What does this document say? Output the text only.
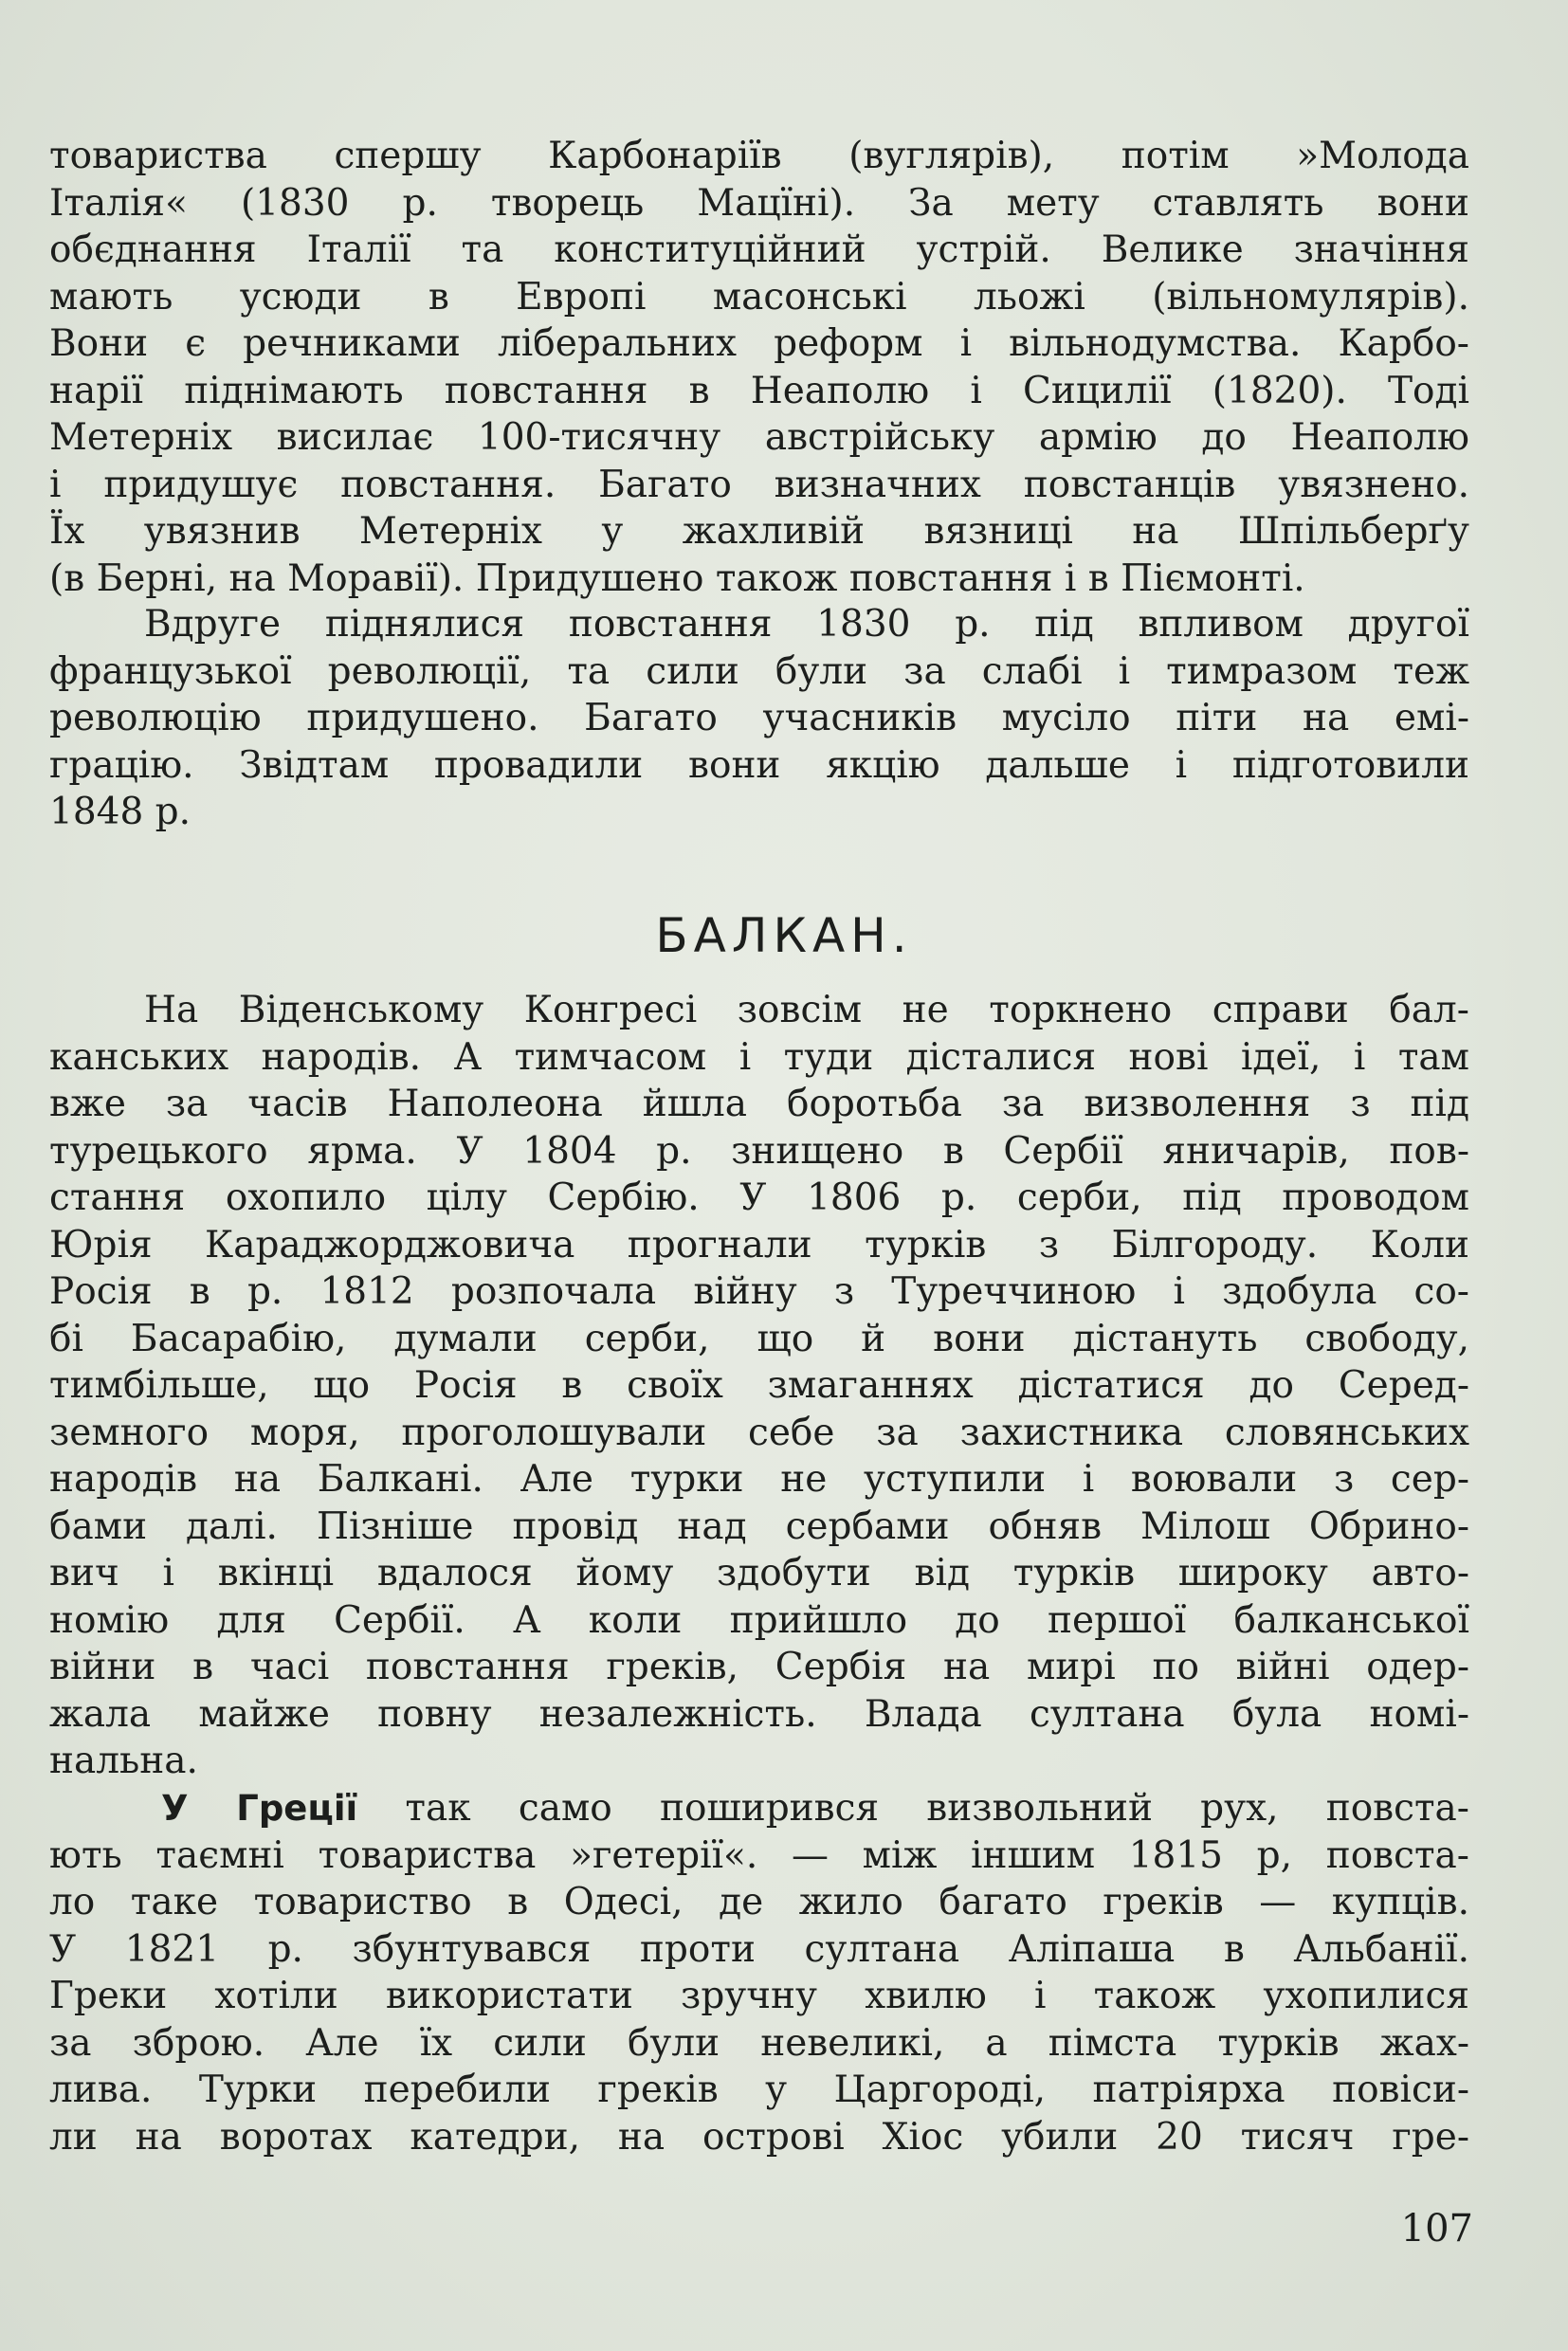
товариства спершу Карбонаріїв (вуглярів), потім »Молода
Італія« (1830 р. творець Мацїні). За мету ставлять вони
обєднання Італії та конституційний устрій. Велике значіння
мають усюди в Европі масонські льожі (вільномулярів).
Вони є речниками ліберальних реформ і вільнодумства. Карбо-
нарії піднімають повстання в Неаполю і Сицилії (1820). Тоді
Метерніх висилає 100-тисячну австрійську армію до Неаполю
і придушує повстання. Багато визначних повстанців увязнено.
Їх увязнив Метерніх у жахливій вязниці на Шпільберґу
(в Берні, на Моравії). Придушено також повстання і в Піємонті.
Вдруге піднялися повстання 1830 р. під впливом другої
французької революції, та сили були за слабі і тимразом теж
революцію придушено. Багато учасників мусіло піти на емі-
грацію. Звідтам провадили вони якцію дальше і підготовили
1848 р.
БАЛКАН.
На Віденському Конгресі зовсім не торкнено справи бал-
канських народів. А тимчасом і туди дісталися нові ідеї, і там
вже за часів Наполеона йшла боротьба за визволення з під
турецького ярма. У 1804 р. знищено в Сербії яничарів, пов-
стання охопило цілу Сербію. У 1806 р. серби, під проводом
Юрія Караджорджовича прогнали турків з Білгороду. Коли
Росія в р. 1812 розпочала війну з Туреччиною і здобула со-
бі Басарабію, думали серби, що й вони дістануть свободу,
тимбільше, що Росія в своїх змаганнях дістатися до Серед-
земного моря, проголошували себе за захистника словянських
народів на Балкані. Але турки не уступили і воювали з сер-
бами далі. Пізніше провід над сербами обняв Мілош Обрино-
вич і вкінці вдалося йому здобути від турків широку авто-
номію для Сербії. А коли прийшло до першої балканської
війни в часі повстання греків, Сербія на мирі по війні одер-
жала майже повну незалежність. Влада султана була номі-
нальна.
У Греції так само поширився визвольний рух, повста-
ють таємні товариства »гетерії«. — між іншим 1815 р, повста-
ло таке товариство в Одесі, де жило багато греків — купців.
У 1821 р. збунтувався проти султана Аліпаша в Альбанії.
Греки хотіли використати зручну хвилю і також ухопилися
за зброю. Але їх сили були невеликі, а пімста турків жах-
лива. Турки перебили греків у Царгороді, патріярха повіси-
ли на воротах катедри, на острові Хіос убили 20 тисяч гре-
107
